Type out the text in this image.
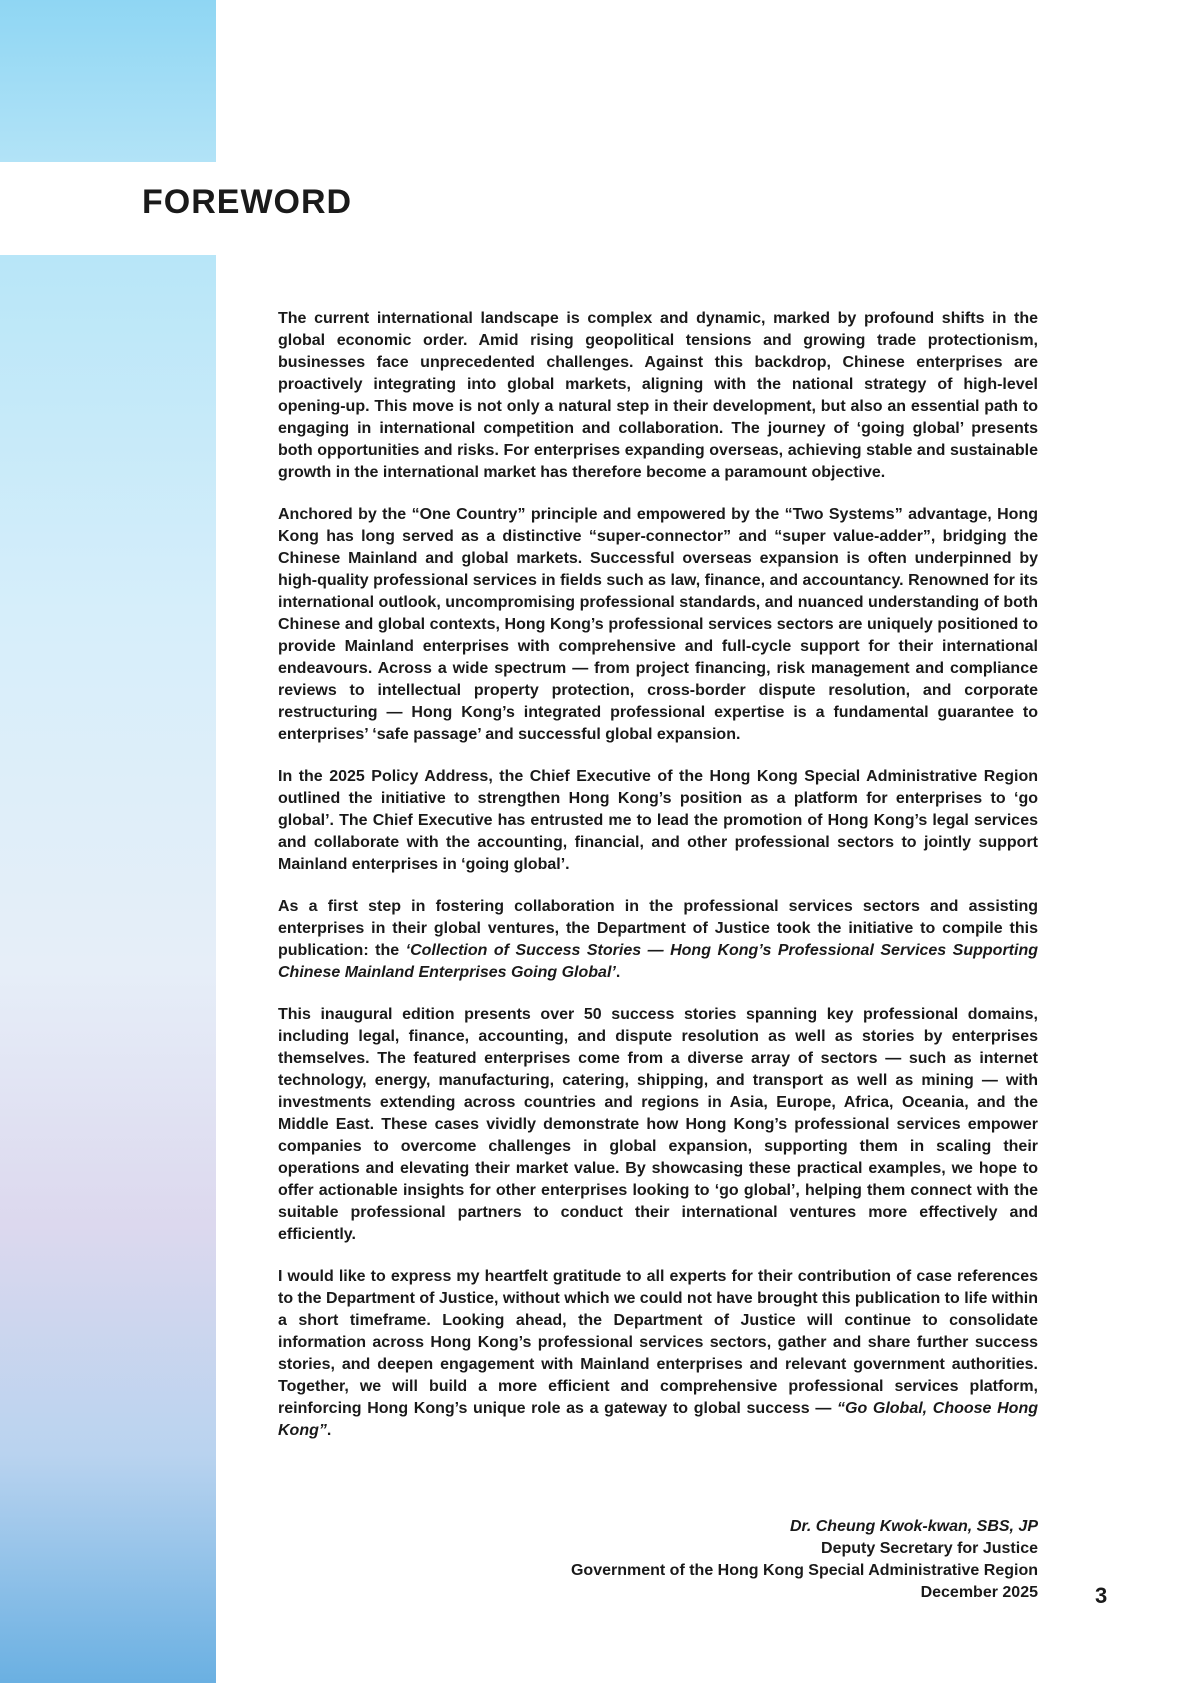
FOREWORD

The current international landscape is complex and dynamic, marked by profound shifts in the global economic order. Amid rising geopolitical tensions and growing trade protectionism, businesses face unprecedented challenges. Against this backdrop, Chinese enterprises are proactively integrating into global markets, aligning with the national strategy of high-level opening-up. This move is not only a natural step in their development, but also an essential path to engaging in international competition and collaboration. The journey of ‘going global’ presents both opportunities and risks. For enterprises expanding overseas, achieving stable and sustainable growth in the international market has therefore become a paramount objective.

Anchored by the “One Country” principle and empowered by the “Two Systems” advantage, Hong Kong has long served as a distinctive “super-connector” and “super value-adder”, bridging the Chinese Mainland and global markets. Successful overseas expansion is often underpinned by high-quality professional services in fields such as law, finance, and accountancy. Renowned for its international outlook, uncompromising professional standards, and nuanced understanding of both Chinese and global contexts, Hong Kong’s professional services sectors are uniquely positioned to provide Mainland enterprises with comprehensive and full-cycle support for their international endeavours. Across a wide spectrum — from project financing, risk management and compliance reviews to intellectual property protection, cross-border dispute resolution, and corporate restructuring — Hong Kong’s integrated professional expertise is a fundamental guarantee to enterprises’ ‘safe passage’ and successful global expansion.

In the 2025 Policy Address, the Chief Executive of the Hong Kong Special Administrative Region outlined the initiative to strengthen Hong Kong’s position as a platform for enterprises to ‘go global’. The Chief Executive has entrusted me to lead the promotion of Hong Kong’s legal services and collaborate with the accounting, financial, and other professional sectors to jointly support Mainland enterprises in ‘going global’.

As a first step in fostering collaboration in the professional services sectors and assisting enterprises in their global ventures, the Department of Justice took the initiative to compile this publication: the ‘Collection of Success Stories — Hong Kong’s Professional Services Supporting Chinese Mainland Enterprises Going Global’.

This inaugural edition presents over 50 success stories spanning key professional domains, including legal, finance, accounting, and dispute resolution as well as stories by enterprises themselves. The featured enterprises come from a diverse array of sectors — such as internet technology, energy, manufacturing, catering, shipping, and transport as well as mining — with investments extending across countries and regions in Asia, Europe, Africa, Oceania, and the Middle East. These cases vividly demonstrate how Hong Kong’s professional services empower companies to overcome challenges in global expansion, supporting them in scaling their operations and elevating their market value. By showcasing these practical examples, we hope to offer actionable insights for other enterprises looking to ‘go global’, helping them connect with the suitable professional partners to conduct their international ventures more effectively and efficiently.

I would like to express my heartfelt gratitude to all experts for their contribution of case references to the Department of Justice, without which we could not have brought this publication to life within a short timeframe. Looking ahead, the Department of Justice will continue to consolidate information across Hong Kong’s professional services sectors, gather and share further success stories, and deepen engagement with Mainland enterprises and relevant government authorities. Together, we will build a more efficient and comprehensive professional services platform, reinforcing Hong Kong’s unique role as a gateway to global success — “Go Global, Choose Hong Kong”.

Dr. Cheung Kwok-kwan, SBS, JP
Deputy Secretary for Justice
Government of the Hong Kong Special Administrative Region
December 2025	3
